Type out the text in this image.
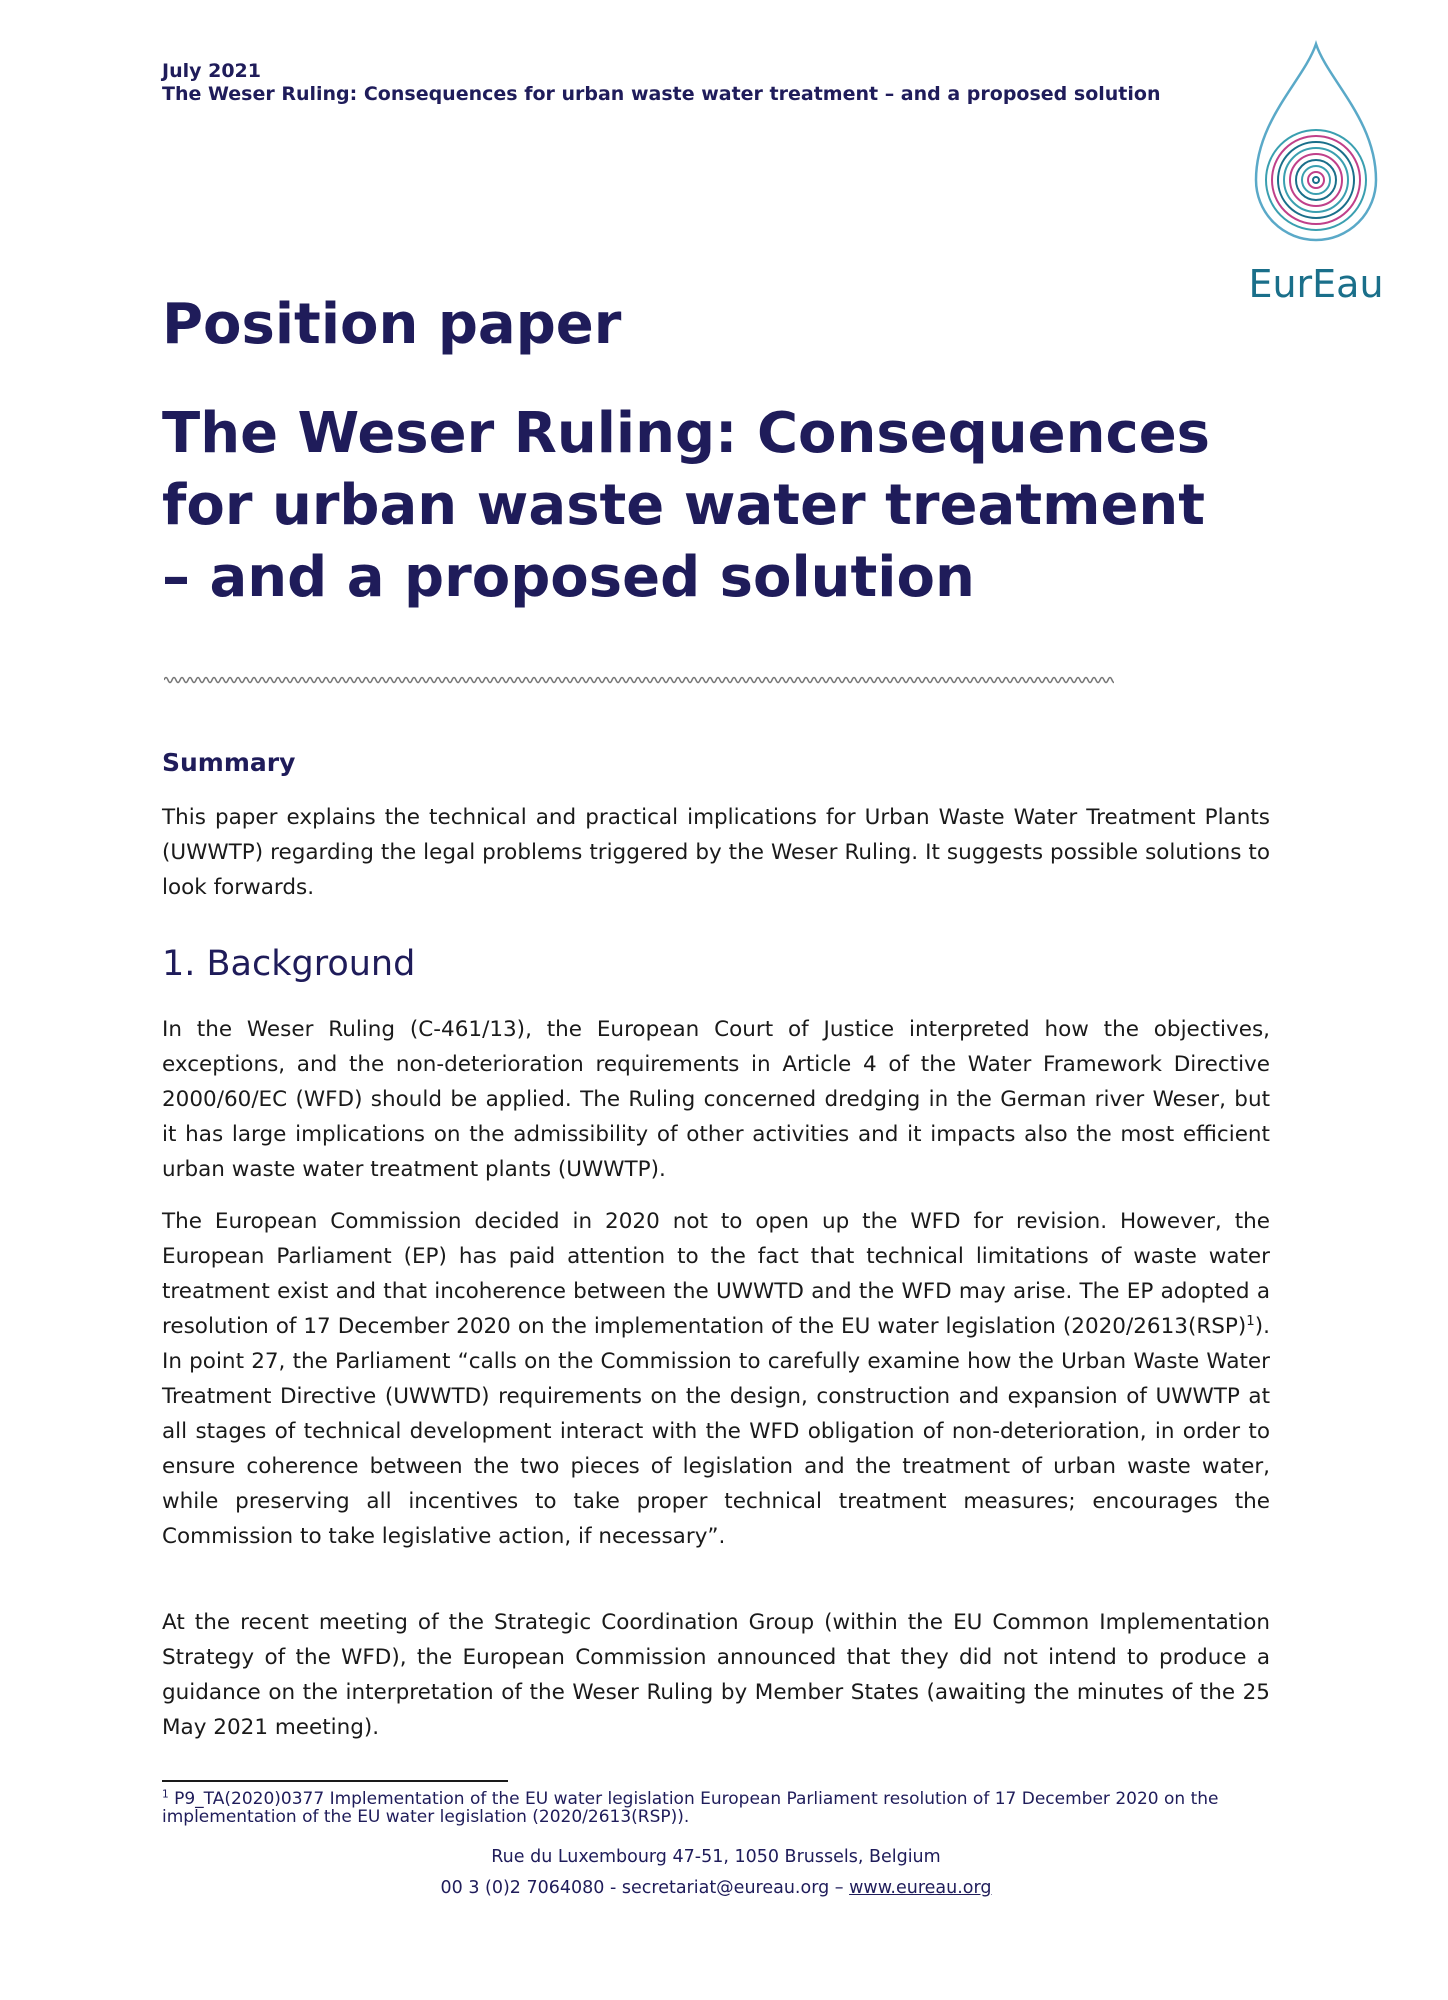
July 2021
The Weser Ruling: Consequences for urban waste water treatment – and a proposed solution
EurEau
Position paper
The Weser Ruling: Consequences
for urban waste water treatment
– and a proposed solution
Summary
This paper explains the technical and practical implications for Urban Waste Water Treatment Plants (UWWTP) regarding the legal problems triggered by the Weser Ruling. It suggests possible solutions to look forwards.
1. Background
In the Weser Ruling (C-461/13), the European Court of Justice interpreted how the objectives, exceptions, and the non-deterioration requirements in Article 4 of the Water Framework Directive 2000/60/EC (WFD) should be applied. The Ruling concerned dredging in the German river Weser, but it has large implications on the admissibility of other activities and it impacts also the most efficient urban waste water treatment plants (UWWTP).
The European Commission decided in 2020 not to open up the WFD for revision. However, the European Parliament (EP) has paid attention to the fact that technical limitations of waste water treatment exist and that incoherence between the UWWTD and the WFD may arise. The EP adopted a resolution of 17 December 2020 on the implementation of the EU water legislation (2020/2613(RSP)$^1$). In point 27, the Parliament “calls on the Commission to carefully examine how the Urban Waste Water Treatment Directive (UWWTD) requirements on the design, construction and expansion of UWWTP at all stages of technical development interact with the WFD obligation of non-deterioration, in order to ensure coherence between the two pieces of legislation and the treatment of urban waste water, while preserving all incentives to take proper technical treatment measures; encourages the Commission to take legislative action, if necessary”.
At the recent meeting of the Strategic Coordination Group (within the EU Common Implementation Strategy of the WFD), the European Commission announced that they did not intend to produce a guidance on the interpretation of the Weser Ruling by Member States (awaiting the minutes of the 25 May 2021 meeting).
$^1$ P9_TA(2020)0377 Implementation of the EU water legislation European Parliament resolution of 17 December 2020 on the implementation of the EU water legislation (2020/2613(RSP)).
Rue du Luxembourg 47-51, 1050 Brussels, Belgium
00 3 (0)2 7064080 - secretariat@eureau.org – www.eureau.org
